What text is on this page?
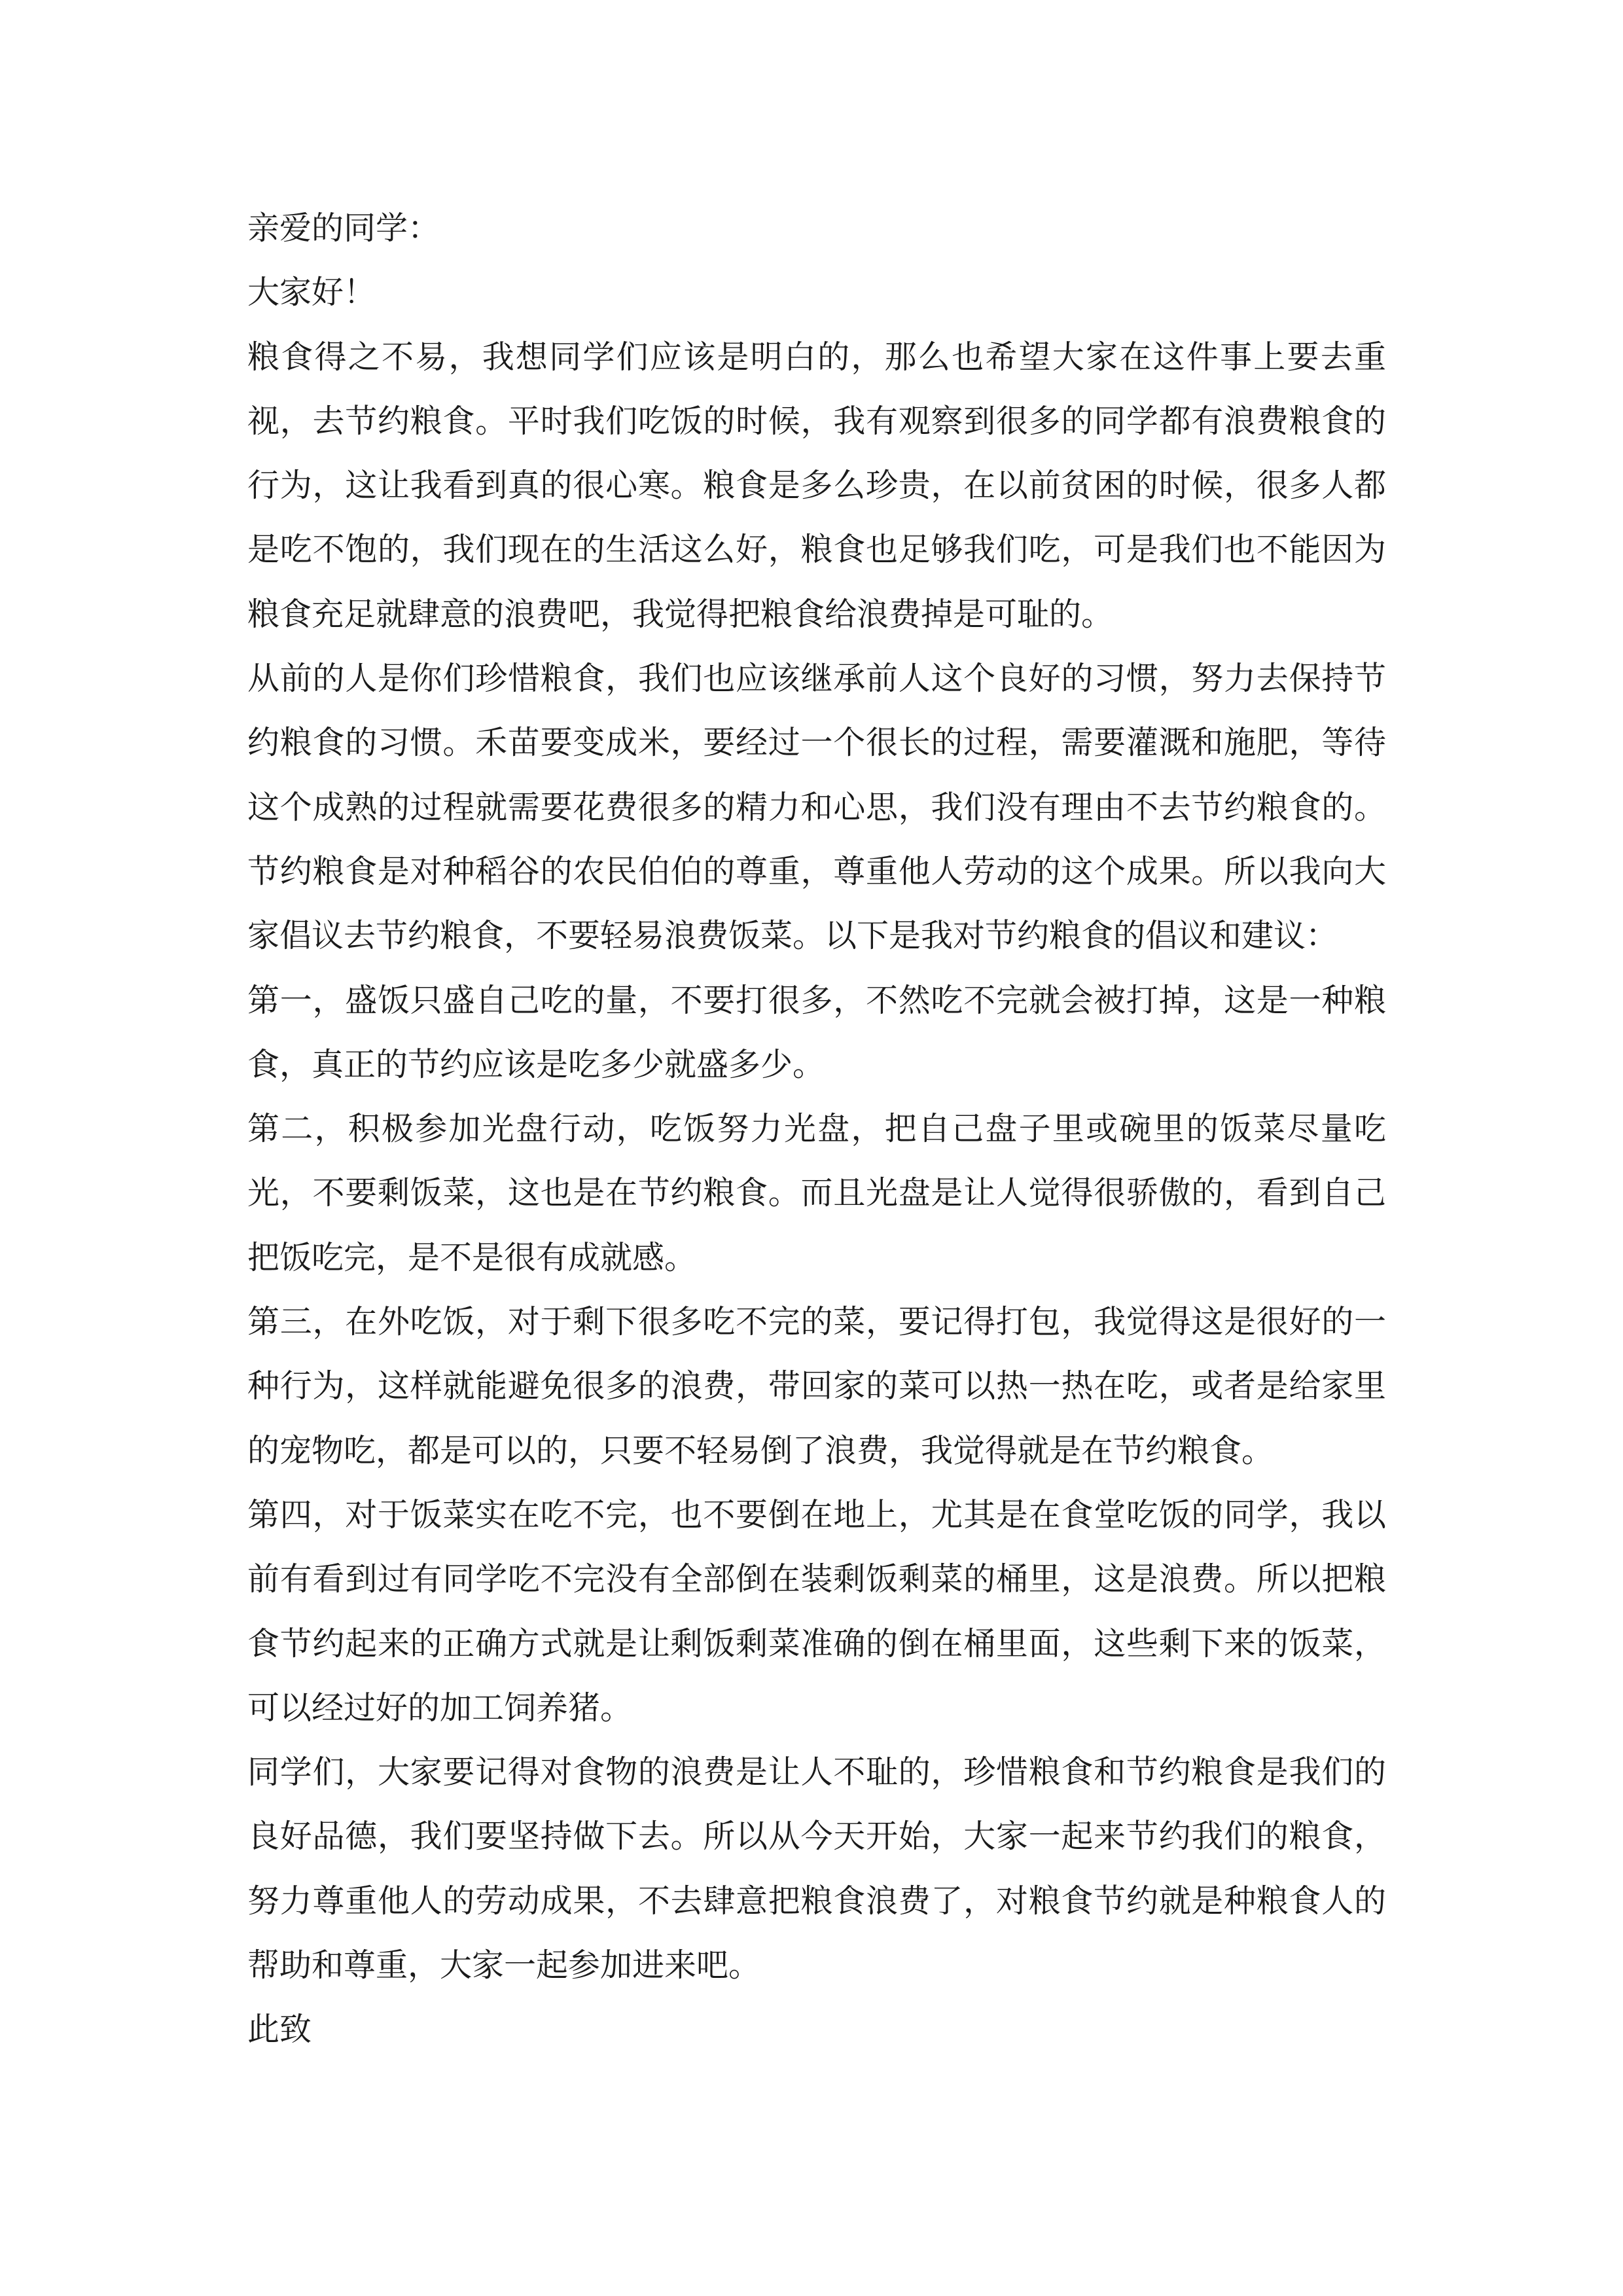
亲爱的同学：

大家好！

粮食得之不易，我想同学们应该是明白的，那么也希望大家在这件事上要去重视，去节约粮食。平时我们吃饭的时候，我有观察到很多的同学都有浪费粮食的行为，这让我看到真的很心寒。粮食是多么珍贵，在以前贫困的时候，很多人都是吃不饱的，我们现在的生活这么好，粮食也足够我们吃，可是我们也不能因为粮食充足就肆意的浪费吧，我觉得把粮食给浪费掉是可耻的。

从前的人是你们珍惜粮食，我们也应该继承前人这个良好的习惯，努力去保持节约粮食的习惯。禾苗要变成米，要经过一个很长的过程，需要灌溉和施肥，等待这个成熟的过程就需要花费很多的精力和心思，我们没有理由不去节约粮食的。节约粮食是对种稻谷的农民伯伯的尊重，尊重他人劳动的这个成果。所以我向大家倡议去节约粮食，不要轻易浪费饭菜。以下是我对节约粮食的倡议和建议：

第一，盛饭只盛自己吃的量，不要打很多，不然吃不完就会被打掉，这是一种粮食，真正的节约应该是吃多少就盛多少。

第二，积极参加光盘行动，吃饭努力光盘，把自己盘子里或碗里的饭菜尽量吃光，不要剩饭菜，这也是在节约粮食。而且光盘是让人觉得很骄傲的，看到自己把饭吃完，是不是很有成就感。

第三，在外吃饭，对于剩下很多吃不完的菜，要记得打包，我觉得这是很好的一种行为，这样就能避免很多的浪费，带回家的菜可以热一热在吃，或者是给家里的宠物吃，都是可以的，只要不轻易倒了浪费，我觉得就是在节约粮食。

第四，对于饭菜实在吃不完，也不要倒在地上，尤其是在食堂吃饭的同学，我以前有看到过有同学吃不完没有全部倒在装剩饭剩菜的桶里，这是浪费。所以把粮食节约起来的正确方式就是让剩饭剩菜准确的倒在桶里面，这些剩下来的饭菜，可以经过好的加工饲养猪。

同学们，大家要记得对食物的浪费是让人不耻的，珍惜粮食和节约粮食是我们的良好品德，我们要坚持做下去。所以从今天开始，大家一起来节约我们的粮食，努力尊重他人的劳动成果，不去肆意把粮食浪费了，对粮食节约就是种粮食人的帮助和尊重，大家一起参加进来吧。

此致
